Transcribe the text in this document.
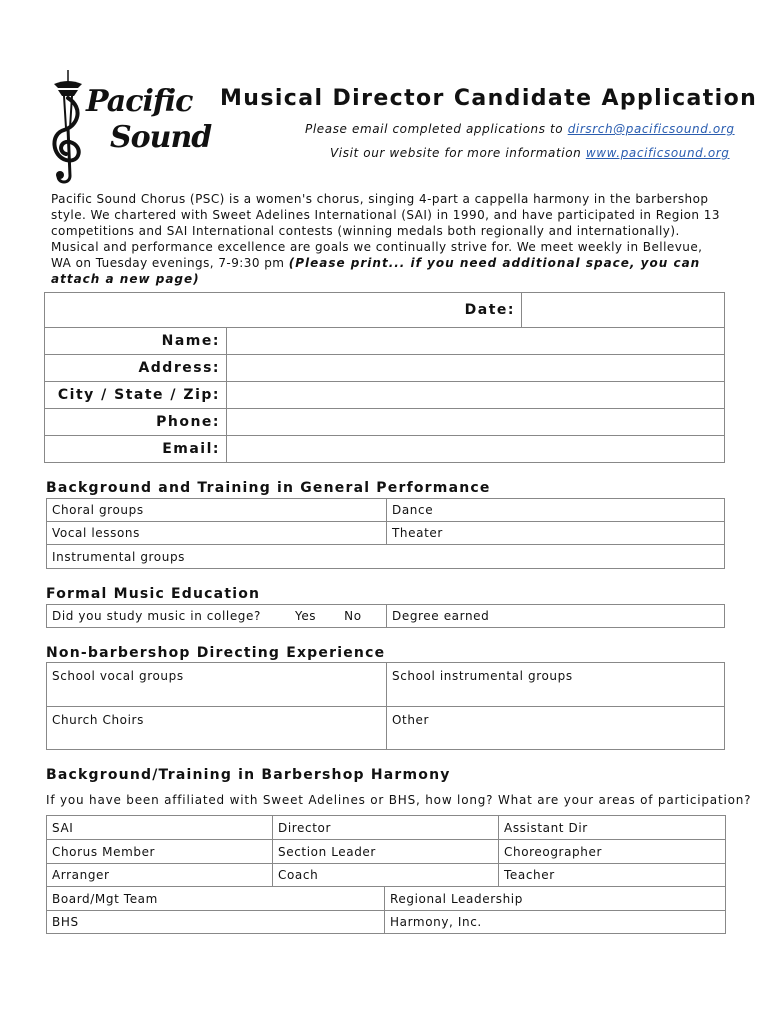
Pacific
Sound
Musical Director Candidate Application
Please email completed applications to dirsrch@pacificsound.org
Visit our website for more information www.pacificsound.org

Pacific Sound Chorus (PSC) is a women's chorus, singing 4-part a cappella harmony in the barbershop style. We chartered with Sweet Adelines International (SAI) in 1990, and have participated in Region 13 competitions and SAI International contests (winning medals both regionally and internationally). Musical and performance excellence are goals we continually strive for. We meet weekly in Bellevue, WA on Tuesday evenings, 7-9:30 pm (Please print... if you need additional space, you can attach a new page)

Date:		
Name:		
Address:		
City / State / Zip:		
Phone:		
Email:		
Background and Training in General Performance
Choral groups	Dance
Vocal lessons	Theater
Instrumental groups	
Formal Music Education
Did you study music in college?	Yes No	Degree earned
Non-barbershop Directing Experience
School vocal groups	School instrumental groups
Church Choirs	Other
Background/Training in Barbershop Harmony
If you have been affiliated with Sweet Adelines or BHS, how long? What are your areas of participation?
SAI	Director		Assistant Dir
Chorus Member	Section Leader		Choreographer
Arranger	Coach		Teacher
Board/Mgt Team		Regional Leadership	
BHS		Harmony, Inc.	
